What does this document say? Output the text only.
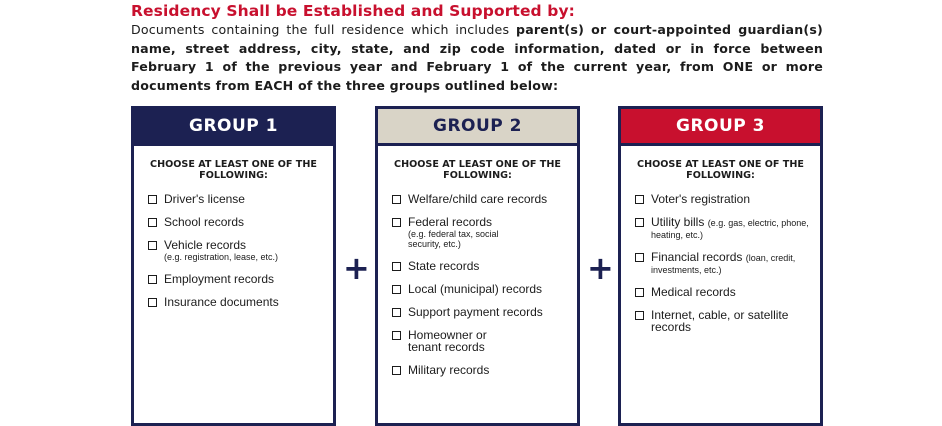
Residency Shall be Established and Supported by:
Documents containing the full residence which includes parent(s) or court-appointed guardian(s) name, street address, city, state, and zip code information, dated or in force between February 1 of the previous year and February 1 of the current year, from ONE or more documents from EACH of the three groups outlined below:
GROUP 1
CHOOSE AT LEAST ONE OF THE FOLLOWING:
Driver's license
School records
Vehicle records
(e.g. registration, lease, etc.)
Employment records
Insurance documents
+
GROUP 2
CHOOSE AT LEAST ONE OF THE FOLLOWING:
Welfare/child care records
Federal records
(e.g. federal tax, social security, etc.)
State records
Local (municipal) records
Support payment records
Homeowner or tenant records
Military records
+
GROUP 3
CHOOSE AT LEAST ONE OF THE FOLLOWING:
Voter's registration
Utility bills (e.g. gas, electric, phone, heating, etc.)
Financial records (loan, credit, investments, etc.)
Medical records
Internet, cable, or satellite records
